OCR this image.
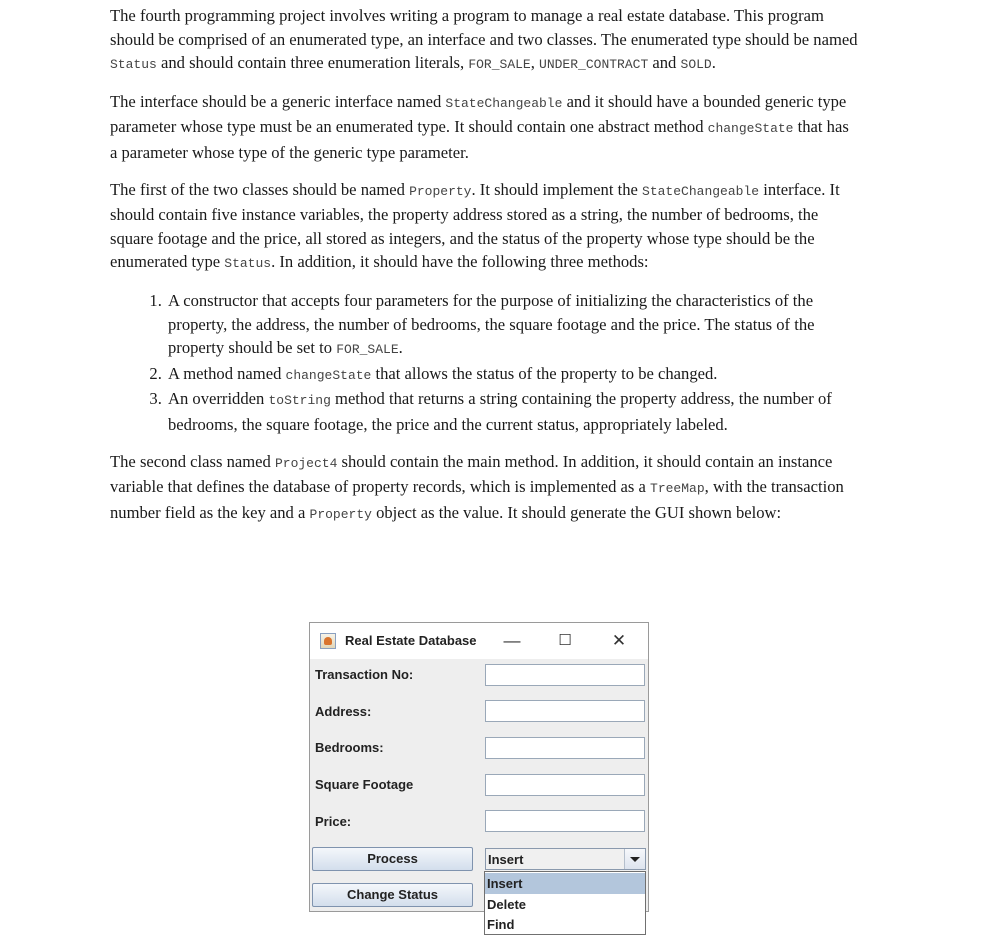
The fourth programming project involves writing a program to manage a real estate database. This program should be comprised of an enumerated type, an interface and two classes. The enumerated type should be named Status and should contain three enumeration literals, FOR_SALE, UNDER_CONTRACT and SOLD.

The interface should be a generic interface named StateChangeable and it should have a bounded generic type parameter whose type must be an enumerated type. It should contain one abstract method changeState that has a parameter whose type of the generic type parameter.

The first of the two classes should be named Property. It should implement the StateChangeable interface. It should contain five instance variables, the property address stored as a string, the number of bedrooms, the square footage and the price, all stored as integers, and the status of the property whose type should be the enumerated type Status. In addition, it should have the following three methods:

1. A constructor that accepts four parameters for the purpose of initializing the characteristics of the property, the address, the number of bedrooms, the square footage and the price. The status of the property should be set to FOR_SALE.
2. A method named changeState that allows the status of the property to be changed.
3. An overridden toString method that returns a string containing the property address, the number of bedrooms, the square footage, the price and the current status, appropriately labeled.

The second class named Project4 should contain the main method. In addition, it should contain an instance variable that defines the database of property records, which is implemented as a TreeMap, with the transaction number field as the key and a Property object as the value. It should generate the GUI shown below:

Real Estate Database	—	☐	✕
Transaction No:
Address:
Bedrooms:
Square Footage
Price:
Process	Insert
Change Status
Insert
Delete
Find
